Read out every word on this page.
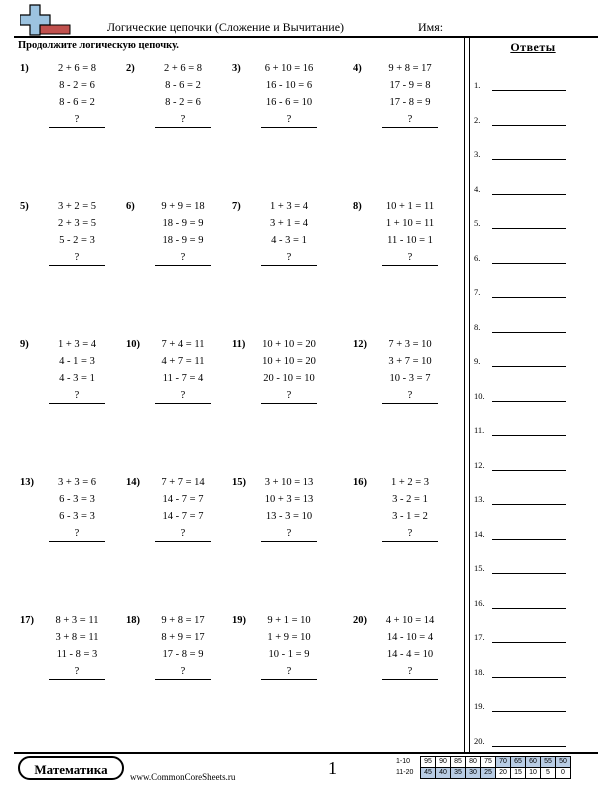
Логические цепочки (Сложение и Вычитание)	Имя:
Продолжите логическую цепочку.	Ответы
1.
2.
3.
4.
5.
6.
7.
8.
9.
10.
11.
12.
13.
14.
15.
16.
17.
18.
19.
20.
1)	2 + 6 = 8
8 - 2 = 6
8 - 6 = 2
?
2)	2 + 6 = 8
8 - 6 = 2
8 - 2 = 6
?
3)	6 + 10 = 16
16 - 10 = 6
16 - 6 = 10
?
4)	9 + 8 = 17
17 - 9 = 8
17 - 8 = 9
?
5)	3 + 2 = 5
2 + 3 = 5
5 - 2 = 3
?
6)	9 + 9 = 18
18 - 9 = 9
18 - 9 = 9
?
7)	1 + 3 = 4
3 + 1 = 4
4 - 3 = 1
?
8)	10 + 1 = 11
1 + 10 = 11
11 - 10 = 1
?
9)	1 + 3 = 4
4 - 1 = 3
4 - 3 = 1
?
10)	7 + 4 = 11
4 + 7 = 11
11 - 7 = 4
?
11)	10 + 10 = 20
10 + 10 = 20
20 - 10 = 10
?
12)	7 + 3 = 10
3 + 7 = 10
10 - 3 = 7
?
13)	3 + 3 = 6
6 - 3 = 3
6 - 3 = 3
?
14)	7 + 7 = 14
14 - 7 = 7
14 - 7 = 7
?
15)	3 + 10 = 13
10 + 3 = 13
13 - 3 = 10
?
16)	1 + 2 = 3
3 - 2 = 1
3 - 1 = 2
?
17)	8 + 3 = 11
3 + 8 = 11
11 - 8 = 3
?
18)	9 + 8 = 17
8 + 9 = 17
17 - 8 = 9
?
19)	9 + 1 = 10
1 + 9 = 10
10 - 1 = 9
?
20)	4 + 10 = 14
14 - 10 = 4
14 - 4 = 10
?
Математика	www.CommonCoreSheets.ru	1	1-10	95	90	85	80	75	70	65	60	55	50
11-20	45	40	35	30	25	20	15	10	5	0
